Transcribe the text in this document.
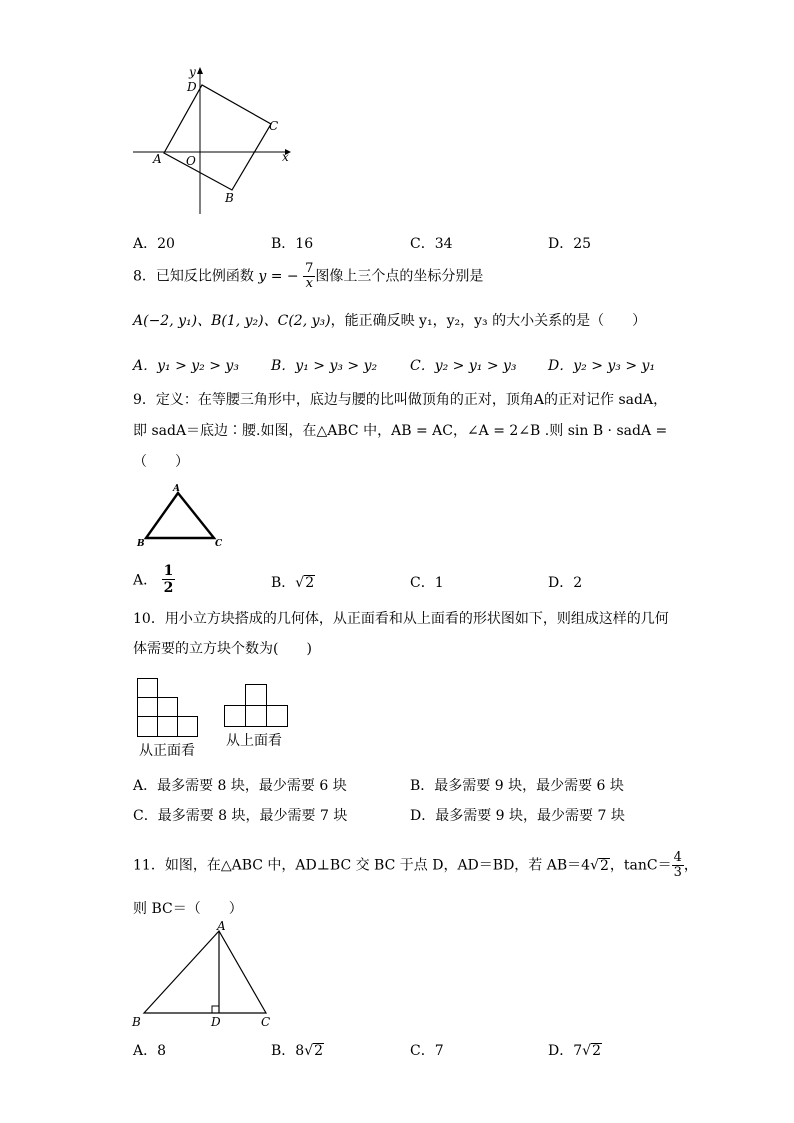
y
x
D
C
A O
B
A．20	B．16	C．34	D．25
8．已知反比例函数 y = − $\frac{7}{x}$ 图像上三个点的坐标分别是
A(−2, y₁)、B(1, y₂)、C(2, y₃)，能正确反映 y₁，y₂，y₃ 的大小关系的是（　　）
A．y₁ > y₂ > y₃ B．y₁ > y₃ > y₂ C．y₂ > y₁ > y₃ D．y₂ > y₃ > y₁
9．定义：在等腰三角形中，底边与腰的比叫做顶角的正对，顶角A的正对记作 sadA，
即 sadA＝底边∶腰.如图，在△ABC 中，AB = AC，∠A = 2∠B .则 sin B · sadA =
（　　）
A
B	C
A． $\frac{1}{2}$	B．√2	C．1	D．2
10．用小立方块搭成的几何体，从正面看和从上面看的形状图如下，则组成这样的几何
体需要的立方块个数为(　　)
从正面看
从上面看
A．最多需要 8 块，最少需要 6 块	B．最多需要 9 块，最少需要 6 块
C．最多需要 8 块，最少需要 7 块	D．最多需要 9 块，最少需要 7 块
11．如图，在△ABC 中，AD⊥BC 交 BC 于点 D，AD＝BD，若 AB＝4√2，$\tan C= \frac{4}{3}$ ，
则 BC＝（　　）
A
B	D	C
A．8	B．8√2	C．7	D．7√2
